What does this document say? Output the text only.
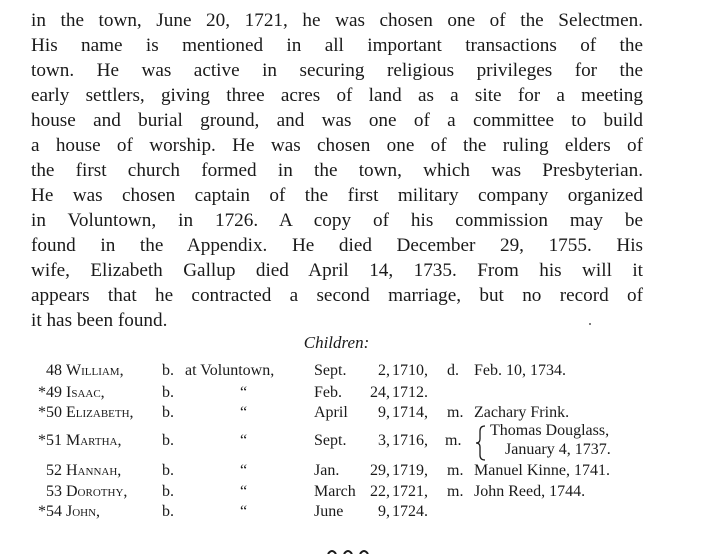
in the town, June 20, 1721, he was chosen one of the Selectmen.
His name is mentioned in all important transactions of the
town. He was active in securing religious privileges for the
early settlers, giving three acres of land as a site for a meeting
house and burial ground, and was one of a committee to build
a house of worship. He was chosen one of the ruling elders of
the first church formed in the town, which was Presbyterian.
He was chosen captain of the first military company organized
in Voluntown, in 1726. A copy of his commission may be
found in the Appendix. He died December 29, 1755. His
wife, Elizabeth Gallup died April 14, 1735. From his will it
appears that he contracted a second marriage, but no record of
it has been found.
Children:
48 William, b. at Voluntown, Sept.	2, 1710, d. Feb. 10, 1734.
*49 Isaac,	b.	“	Feb.	24, 1712.
*50 Elizabeth, b.	“	April	9, 1714, m. Zachary Frink.
*51 Martha,	b.	“	Sept.	3, 1716, m.
Thomas Douglass,
January 4, 1737.
52 Hannah,	b.	“	Jan.	29, 1719, m. Manuel Kinne, 1741.
53 Dorothy, b.	“	March 22, 1721, m. John Reed, 1744.
*54 John,	b.	“	June	9, 1724.
